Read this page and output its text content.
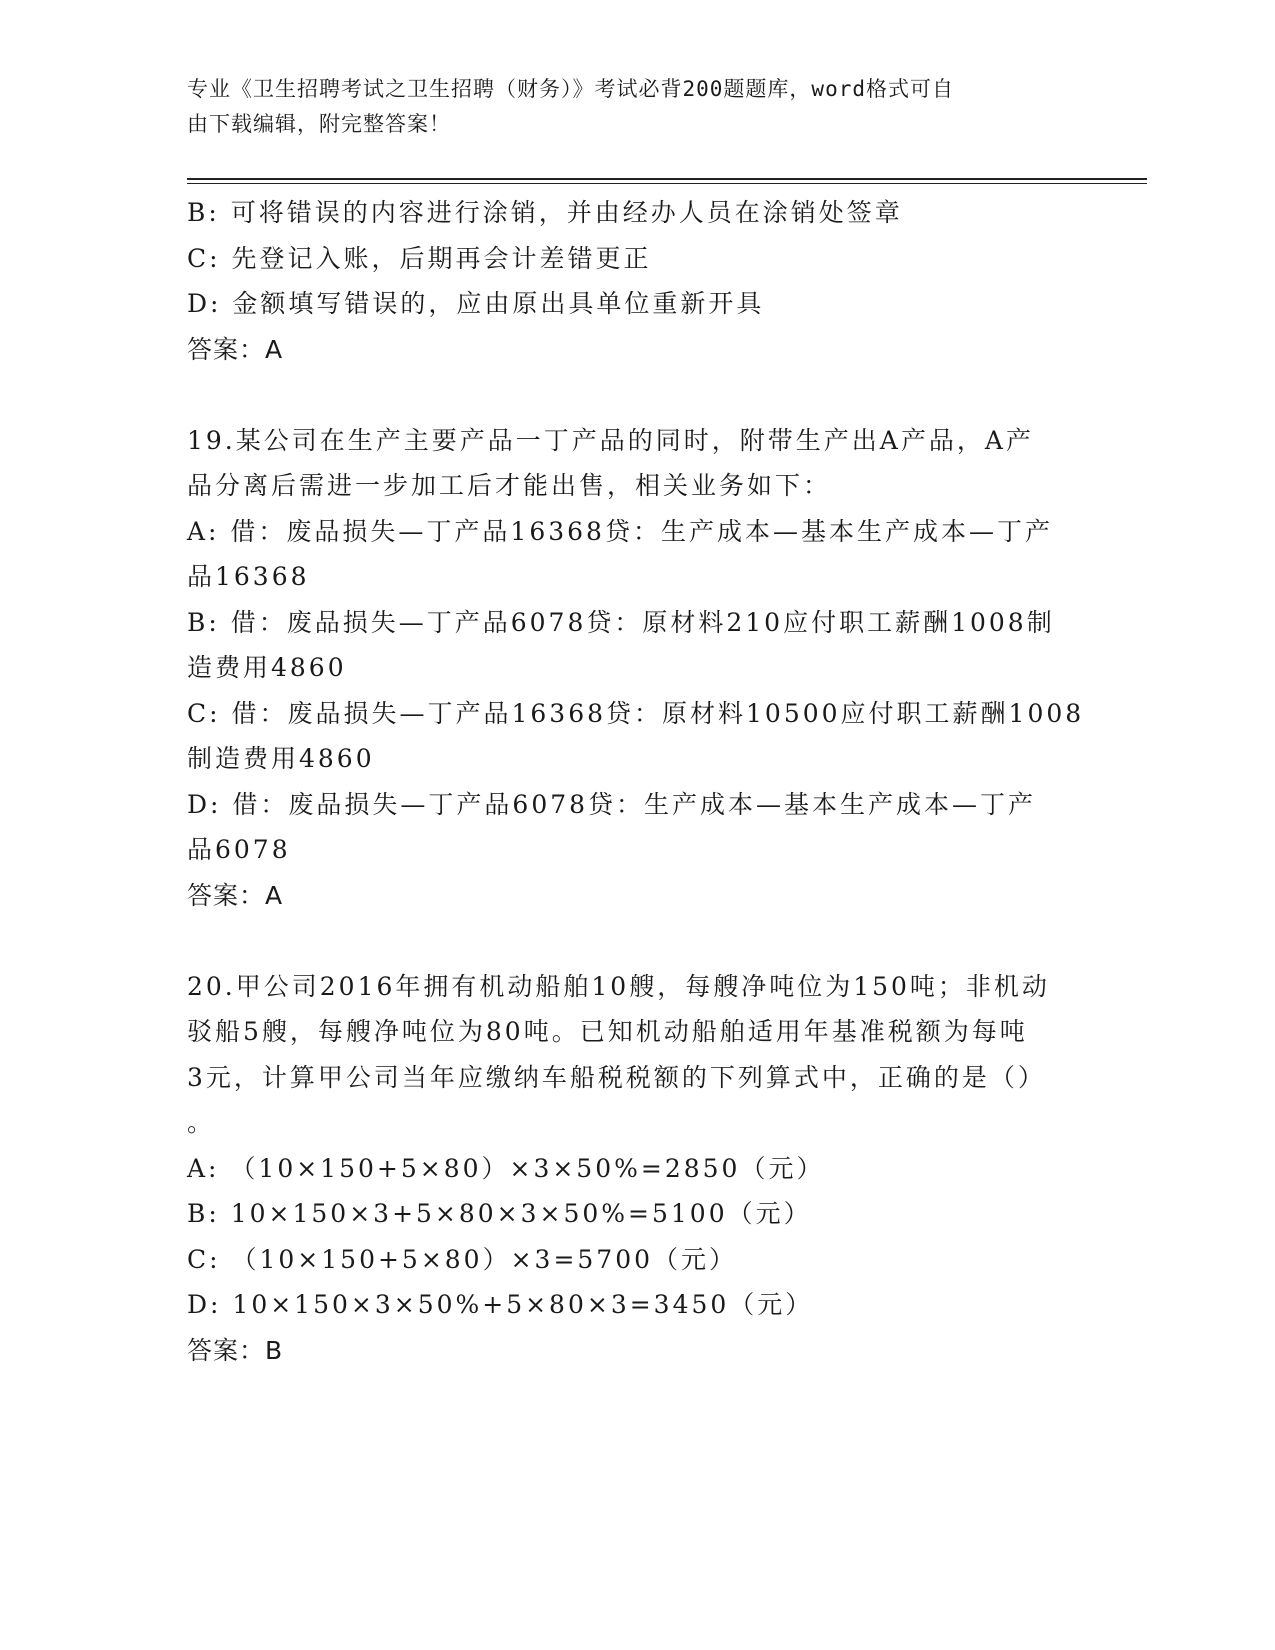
专业《卫生招聘考试之卫生招聘（财务）》考试必背200题题库，word格式可自
由下载编辑，附完整答案！
B: 可将错误的内容进行涂销，并由经办人员在涂销处签章
C: 先登记入账，后期再会计差错更正
D: 金额填写错误的，应由原出具单位重新开具
答案：A
19.某公司在生产主要产品一丁产品的同时，附带生产出A产品，A产
品分离后需进一步加工后才能出售，相关业务如下：
A: 借：废品损失—丁产品16368贷：生产成本—基本生产成本—丁产
品16368
B: 借：废品损失—丁产品6078贷：原材料210应付职工薪酬1008制
造费用4860
C: 借：废品损失—丁产品16368贷：原材料10500应付职工薪酬1008
制造费用4860
D: 借：废品损失—丁产品6078贷：生产成本—基本生产成本—丁产
品6078
答案：A
20.甲公司2016年拥有机动船舶10艘，每艘净吨位为150吨；非机动
驳船5艘，每艘净吨位为80吨。已知机动船舶适用年基准税额为每吨
3元，计算甲公司当年应缴纳车船税税额的下列算式中，正确的是（）
。
A: （10×150+5×80）×3×50%=2850（元）
B: 10×150×3+5×80×3×50%=5100（元）
C: （10×150+5×80）×3=5700（元）
D: 10×150×3×50%+5×80×3=3450（元）
答案：B
